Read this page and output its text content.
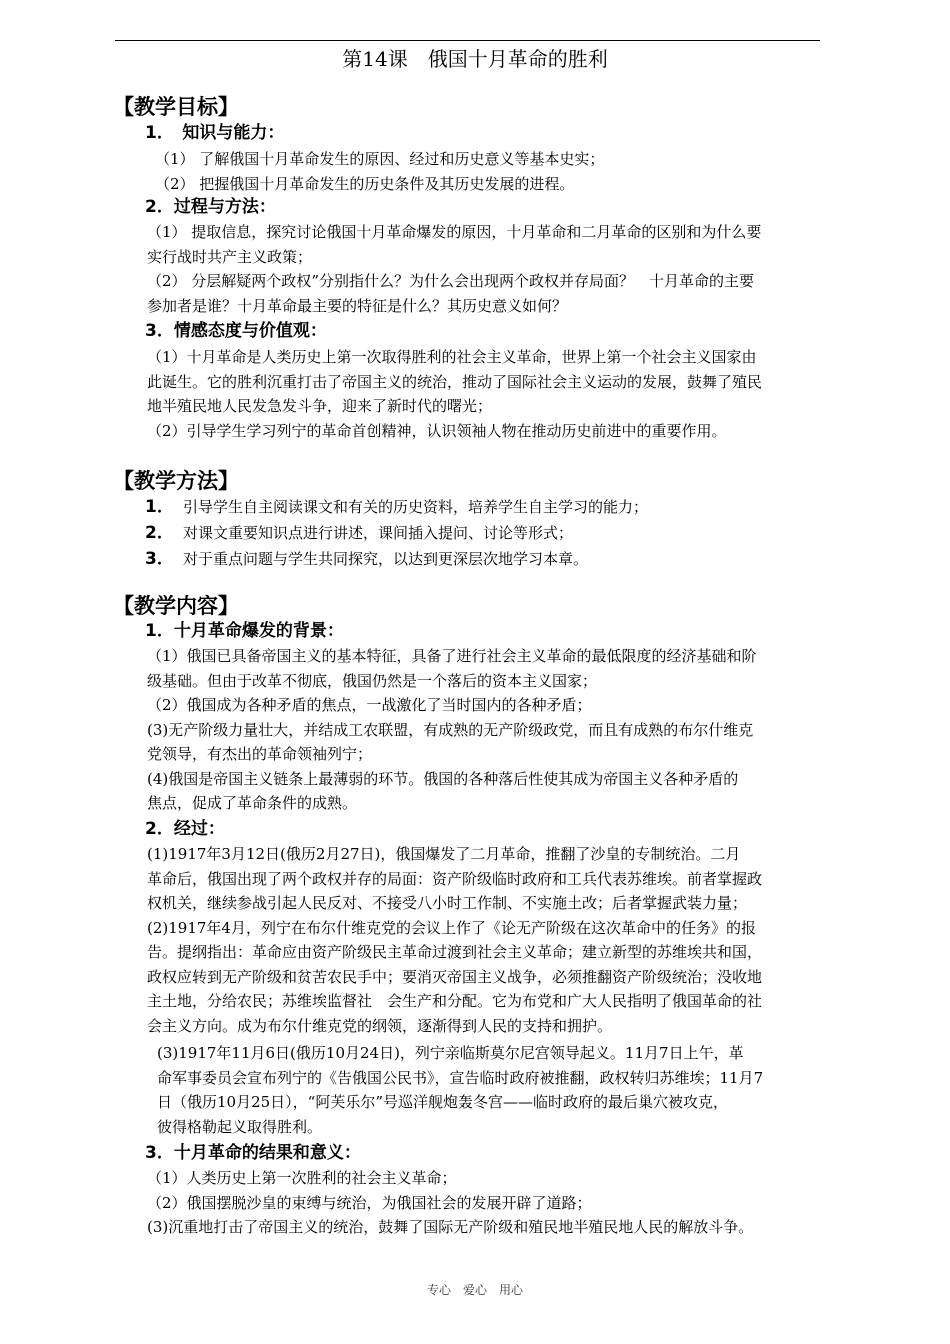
第14课　俄国十月革命的胜利
【教学目标】
1．　知识与能力：
（1） 了解俄国十月革命发生的原因、经过和历史意义等基本史实；
（2） 把握俄国十月革命发生的历史条件及其历史发展的进程。
2．过程与方法：
（1） 提取信息，探究讨论俄国十月革命爆发的原因，十月革命和二月革命的区别和为什么要
实行战时共产主义政策；
（2） 分层解疑两个政权”分别指什么？为什么会出现两个政权并存局面？　十月革命的主要
参加者是谁？十月革命最主要的特征是什么？其历史意义如何？
3．情感态度与价值观：
（1）十月革命是人类历史上第一次取得胜利的社会主义革命，世界上第一个社会主义国家由
此诞生。它的胜利沉重打击了帝国主义的统治，推动了国际社会主义运动的发展，鼓舞了殖民
地半殖民地人民发急发斗争，迎来了新时代的曙光；
（2）引导学生学习列宁的革命首创精神，认识领袖人物在推动历史前进中的重要作用。
【教学方法】
1． 引导学生自主阅读课文和有关的历史资料，培养学生自主学习的能力；
2． 对课文重要知识点进行讲述，课间插入提问、讨论等形式；
3． 对于重点问题与学生共同探究，以达到更深层次地学习本章。
【教学内容】
1．十月革命爆发的背景：
（1）俄国已具备帝国主义的基本特征，具备了进行社会主义革命的最低限度的经济基础和阶
级基础。但由于改革不彻底，俄国仍然是一个落后的资本主义国家；
（2）俄国成为各种矛盾的焦点，一战激化了当时国内的各种矛盾；
(3)无产阶级力量壮大，并结成工农联盟，有成熟的无产阶级政党，而且有成熟的布尔什维克
党领导，有杰出的革命领袖列宁；
(4)俄国是帝国主义链条上最薄弱的环节。俄国的各种落后性使其成为帝国主义各种矛盾的
焦点，促成了革命条件的成熟。
2．经过：
(1)1917年3月12日(俄历2月27日)，俄国爆发了二月革命，推翻了沙皇的专制统治。二月
革命后，俄国出现了两个政权并存的局面：资产阶级临时政府和工兵代表苏维埃。前者掌握政
权机关，继续参战引起人民反对、不接受八小时工作制、不实施土改；后者掌握武装力量；
(2)1917年4月，列宁在布尔什维克党的会议上作了《论无产阶级在这次革命中的任务》的报
告。提纲指出：革命应由资产阶级民主革命过渡到社会主义革命；建立新型的苏维埃共和国，
政权应转到无产阶级和贫苦农民手中；要消灭帝国主义战争，必须推翻资产阶级统治；没收地
主土地，分给农民；苏维埃监督社　会生产和分配。它为布党和广大人民指明了俄国革命的社
会主义方向。成为布尔什维克党的纲领，逐渐得到人民的支持和拥护。
(3)1917年11月6日(俄历10月24日)，列宁亲临斯莫尔尼宫领导起义。11月7日上午，革
命军事委员会宣布列宁的《告俄国公民书》，宣告临时政府被推翻，政权转归苏维埃；11月7
日（俄历10月25日），“阿芙乐尔”号巡洋舰炮轰冬宫——临时政府的最后巢穴被攻克，
彼得格勒起义取得胜利。
3．十月革命的结果和意义：
（1）人类历史上第一次胜利的社会主义革命；
（2）俄国摆脱沙皇的束缚与统治，为俄国社会的发展开辟了道路；
(3)沉重地打击了帝国主义的统治，鼓舞了国际无产阶级和殖民地半殖民地人民的解放斗争。
专心　爱心　用心
